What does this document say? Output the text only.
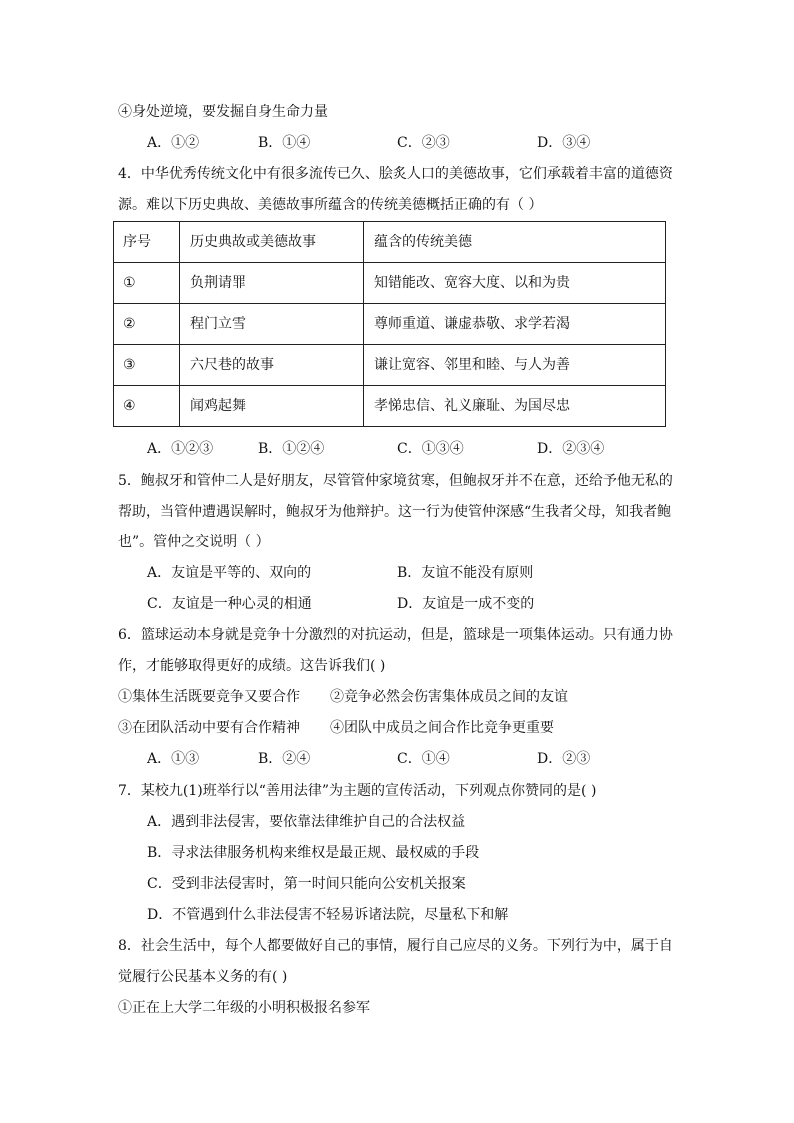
④身处逆境，要发掘自身生命力量
A．①②	B．①④	C．②③	D．③④
4．中华优秀传统文化中有很多流传已久、脍炙人口的美德故事，它们承载着丰富的道德资
源。难以下历史典故、美德故事所蕴含的传统美德概括正确的有（ ）
序号	历史典故或美德故事	蕴含的传统美德
①	负荆请罪	知错能改、宽容大度、以和为贵
②	程门立雪	尊师重道、谦虚恭敬、求学若渴
③	六尺巷的故事	谦让宽容、邻里和睦、与人为善
④	闻鸡起舞	孝悌忠信、礼义廉耻、为国尽忠
A．①②③	B．①②④	C．①③④	D．②③④
5．鲍叔牙和管仲二人是好朋友，尽管管仲家境贫寒，但鲍叔牙并不在意，还给予他无私的
帮助，当管仲遭遇误解时，鲍叔牙为他辩护。这一行为使管仲深感“生我者父母，知我者鲍
也”。管仲之交说明（ ）
A．友谊是平等的、双向的	B．友谊不能没有原则
C．友谊是一种心灵的相通	D．友谊是一成不变的
6．篮球运动本身就是竞争十分激烈的对抗运动，但是，篮球是一项集体运动。只有通力协
作，才能够取得更好的成绩。这告诉我们( )
①集体生活既要竞争又要合作 ②竞争必然会伤害集体成员之间的友谊
③在团队活动中要有合作精神 ④团队中成员之间合作比竞争更重要
A．①③	B．②④	C．①④	D．②③
7．某校九(1)班举行以“善用法律”为主题的宣传活动，下列观点你赞同的是( )
A．遇到非法侵害，要依靠法律维护自己的合法权益
B．寻求法律服务机构来维权是最正规、最权威的手段
C．受到非法侵害时，第一时间只能向公安机关报案
D．不管遇到什么非法侵害不轻易诉诸法院，尽量私下和解
8．社会生活中，每个人都要做好自己的事情，履行自己应尽的义务。下列行为中，属于自
觉履行公民基本义务的有( )
①正在上大学二年级的小明积极报名参军
